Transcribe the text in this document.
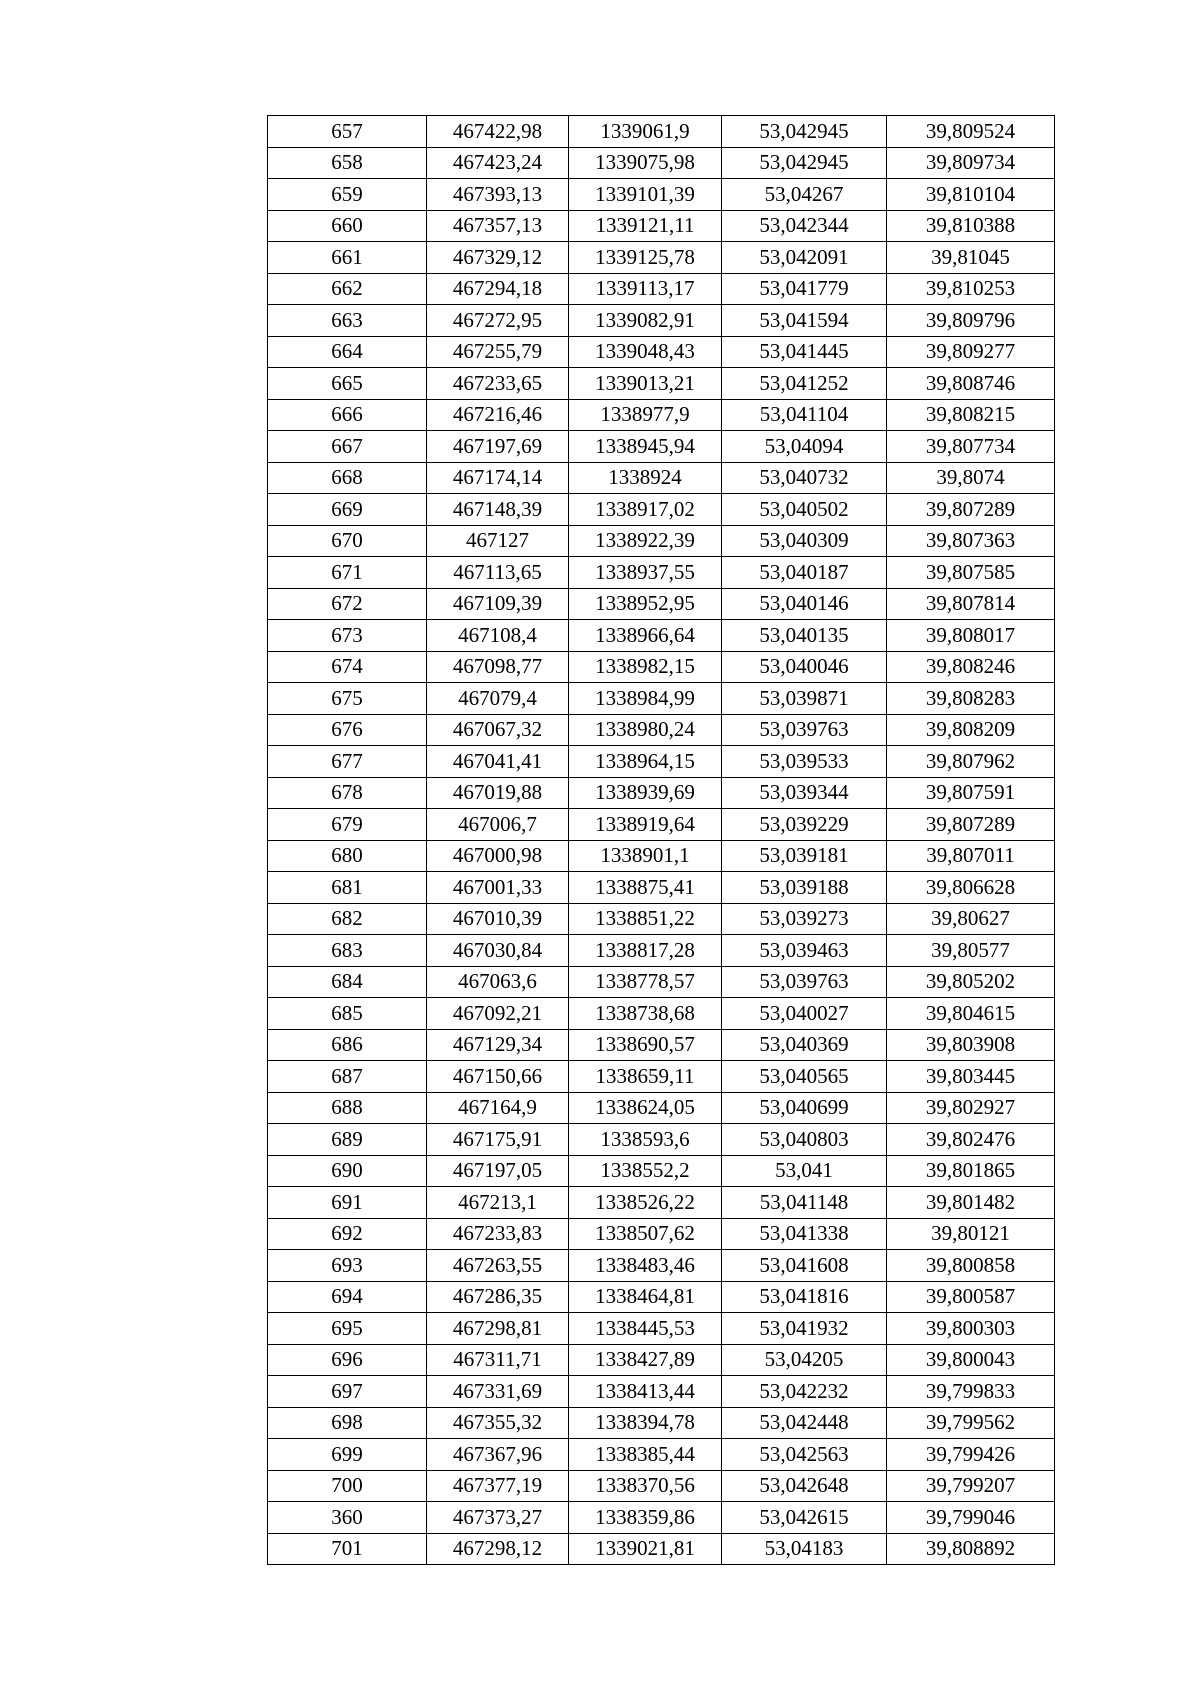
657	467422,98	1339061,9	53,042945	39,809524
658	467423,24	1339075,98	53,042945	39,809734
659	467393,13	1339101,39	53,04267	39,810104
660	467357,13	1339121,11	53,042344	39,810388
661	467329,12	1339125,78	53,042091	39,81045
662	467294,18	1339113,17	53,041779	39,810253
663	467272,95	1339082,91	53,041594	39,809796
664	467255,79	1339048,43	53,041445	39,809277
665	467233,65	1339013,21	53,041252	39,808746
666	467216,46	1338977,9	53,041104	39,808215
667	467197,69	1338945,94	53,04094	39,807734
668	467174,14	1338924	53,040732	39,8074
669	467148,39	1338917,02	53,040502	39,807289
670	467127	1338922,39	53,040309	39,807363
671	467113,65	1338937,55	53,040187	39,807585
672	467109,39	1338952,95	53,040146	39,807814
673	467108,4	1338966,64	53,040135	39,808017
674	467098,77	1338982,15	53,040046	39,808246
675	467079,4	1338984,99	53,039871	39,808283
676	467067,32	1338980,24	53,039763	39,808209
677	467041,41	1338964,15	53,039533	39,807962
678	467019,88	1338939,69	53,039344	39,807591
679	467006,7	1338919,64	53,039229	39,807289
680	467000,98	1338901,1	53,039181	39,807011
681	467001,33	1338875,41	53,039188	39,806628
682	467010,39	1338851,22	53,039273	39,80627
683	467030,84	1338817,28	53,039463	39,80577
684	467063,6	1338778,57	53,039763	39,805202
685	467092,21	1338738,68	53,040027	39,804615
686	467129,34	1338690,57	53,040369	39,803908
687	467150,66	1338659,11	53,040565	39,803445
688	467164,9	1338624,05	53,040699	39,802927
689	467175,91	1338593,6	53,040803	39,802476
690	467197,05	1338552,2	53,041	39,801865
691	467213,1	1338526,22	53,041148	39,801482
692	467233,83	1338507,62	53,041338	39,80121
693	467263,55	1338483,46	53,041608	39,800858
694	467286,35	1338464,81	53,041816	39,800587
695	467298,81	1338445,53	53,041932	39,800303
696	467311,71	1338427,89	53,04205	39,800043
697	467331,69	1338413,44	53,042232	39,799833
698	467355,32	1338394,78	53,042448	39,799562
699	467367,96	1338385,44	53,042563	39,799426
700	467377,19	1338370,56	53,042648	39,799207
360	467373,27	1338359,86	53,042615	39,799046
701	467298,12	1339021,81	53,04183	39,808892
